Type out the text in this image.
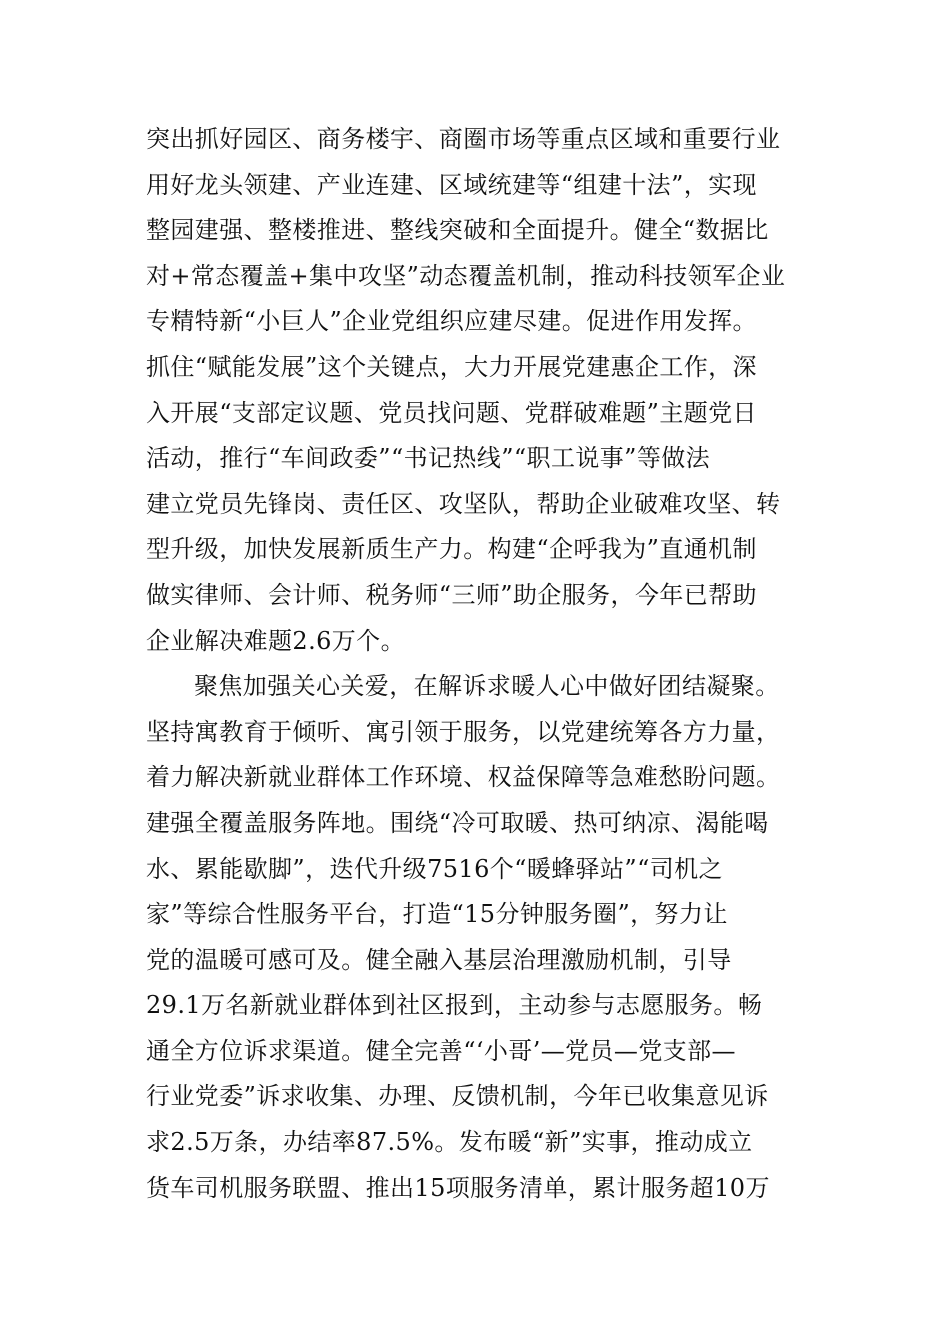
突出抓好园区、商务楼宇、商圈市场等重点区域和重要行业
用好龙头领建、产业连建、区域统建等“组建十法”，实现
整园建强、整楼推进、整线突破和全面提升。健全“数据比
对+常态覆盖+集中攻坚”动态覆盖机制，推动科技领军企业
专精特新“小巨人”企业党组织应建尽建。促进作用发挥。
抓住“赋能发展”这个关键点，大力开展党建惠企工作，深
入开展“支部定议题、党员找问题、党群破难题”主题党日
活动，推行“车间政委”“书记热线”“职工说事”等做法
建立党员先锋岗、责任区、攻坚队，帮助企业破难攻坚、转
型升级，加快发展新质生产力。构建“企呼我为”直通机制
做实律师、会计师、税务师“三师”助企服务，今年已帮助
企业解决难题2.6万个。
聚焦加强关心关爱，在解诉求暖人心中做好团结凝聚。
坚持寓教育于倾听、寓引领于服务，以党建统筹各方力量，
着力解决新就业群体工作环境、权益保障等急难愁盼问题。
建强全覆盖服务阵地。围绕“冷可取暖、热可纳凉、渴能喝
水、累能歇脚”，迭代升级7516个“暖蜂驿站”“司机之
家”等综合性服务平台，打造“15分钟服务圈”，努力让
党的温暖可感可及。健全融入基层治理激励机制，引导
29.1万名新就业群体到社区报到，主动参与志愿服务。畅
通全方位诉求渠道。健全完善“‘小哥’—党员—党支部—
行业党委”诉求收集、办理、反馈机制，今年已收集意见诉
求2.5万条，办结率87.5%。发布暖“新”实事，推动成立
货车司机服务联盟、推出15项服务清单，累计服务超10万
